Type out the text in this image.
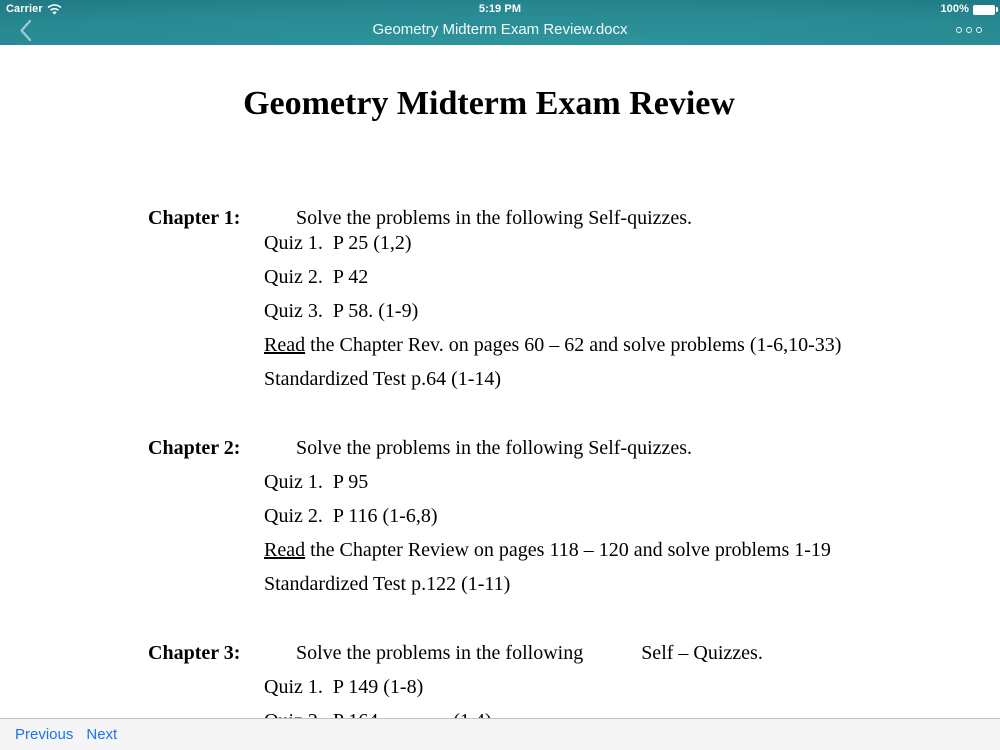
Carrier	5:19 PM	100%
Geometry Midterm Exam Review.docx
Geometry Midterm Exam Review
Chapter 1:	Solve the problems in the following Self-quizzes.
Quiz 1.  P 25 (1,2)
Quiz 2.  P 42
Quiz 3.  P 58. (1-9)
Read the Chapter Rev. on pages 60 – 62 and solve problems (1-6,10-33)
Standardized Test p.64 (1-14)
Chapter 2:	Solve the problems in the following Self-quizzes.
Quiz 1.  P 95
Quiz 2.  P 116 (1-6,8)
Read the Chapter Review on pages 118 – 120 and solve problems 1-19
Standardized Test p.122 (1-11)
Chapter 3:	Solve the problems in the following	Self – Quizzes.
Quiz 1.  P 149 (1-8)
Previous Next
